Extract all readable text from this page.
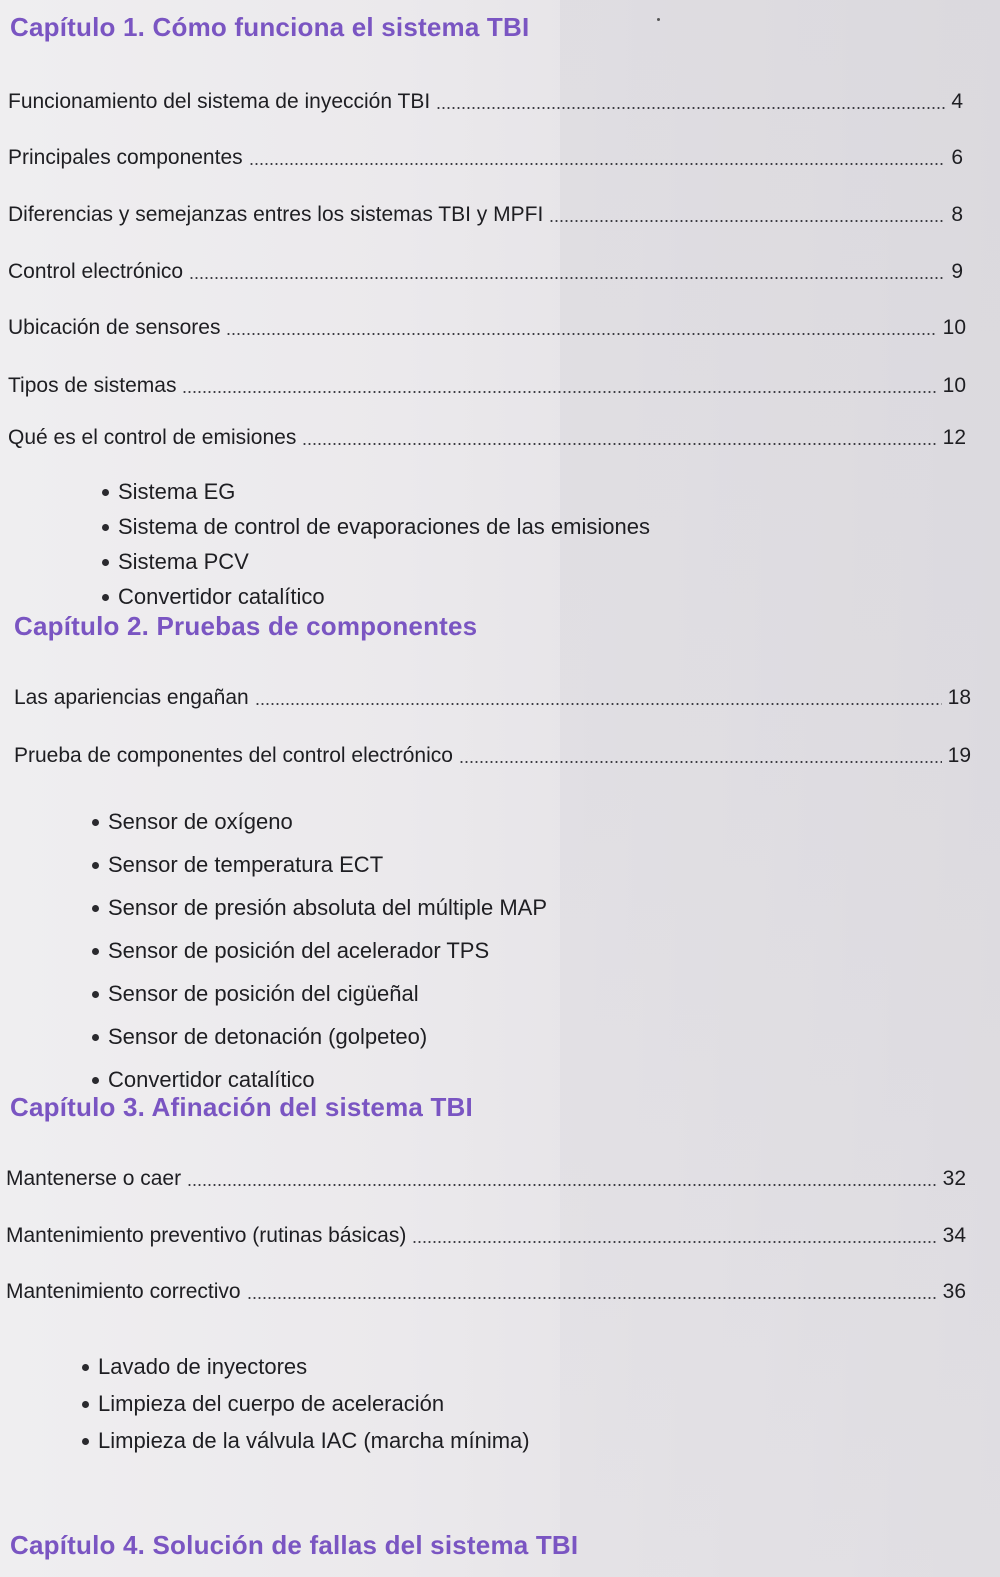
Capítulo 1. Cómo funciona el sistema TBI
Funcionamiento del sistema de inyección TBI	4
Principales componentes	6
Diferencias y semejanzas entres los sistemas TBI y MPFI	8
Control electrónico	9
Ubicación de sensores	10
Tipos de sistemas	10
Qué es el control de emisiones	12
Sistema EG
Sistema de control de evaporaciones de las emisiones
Sistema PCV
Convertidor catalítico
Capítulo 2. Pruebas de componentes
Las apariencias engañan	18
Prueba de componentes del control electrónico	19
Sensor de oxígeno
Sensor de temperatura ECT
Sensor de presión absoluta del múltiple MAP
Sensor de posición del acelerador TPS
Sensor de posición del cigüeñal
Sensor de detonación (golpeteo)
Convertidor catalítico
Capítulo 3. Afinación del sistema TBI
Mantenerse o caer	32
Mantenimiento preventivo (rutinas básicas)	34
Mantenimiento correctivo	36
Lavado de inyectores
Limpieza del cuerpo de aceleración
Limpieza de la válvula IAC (marcha mínima)
Capítulo 4. Solución de fallas del sistema TBI
